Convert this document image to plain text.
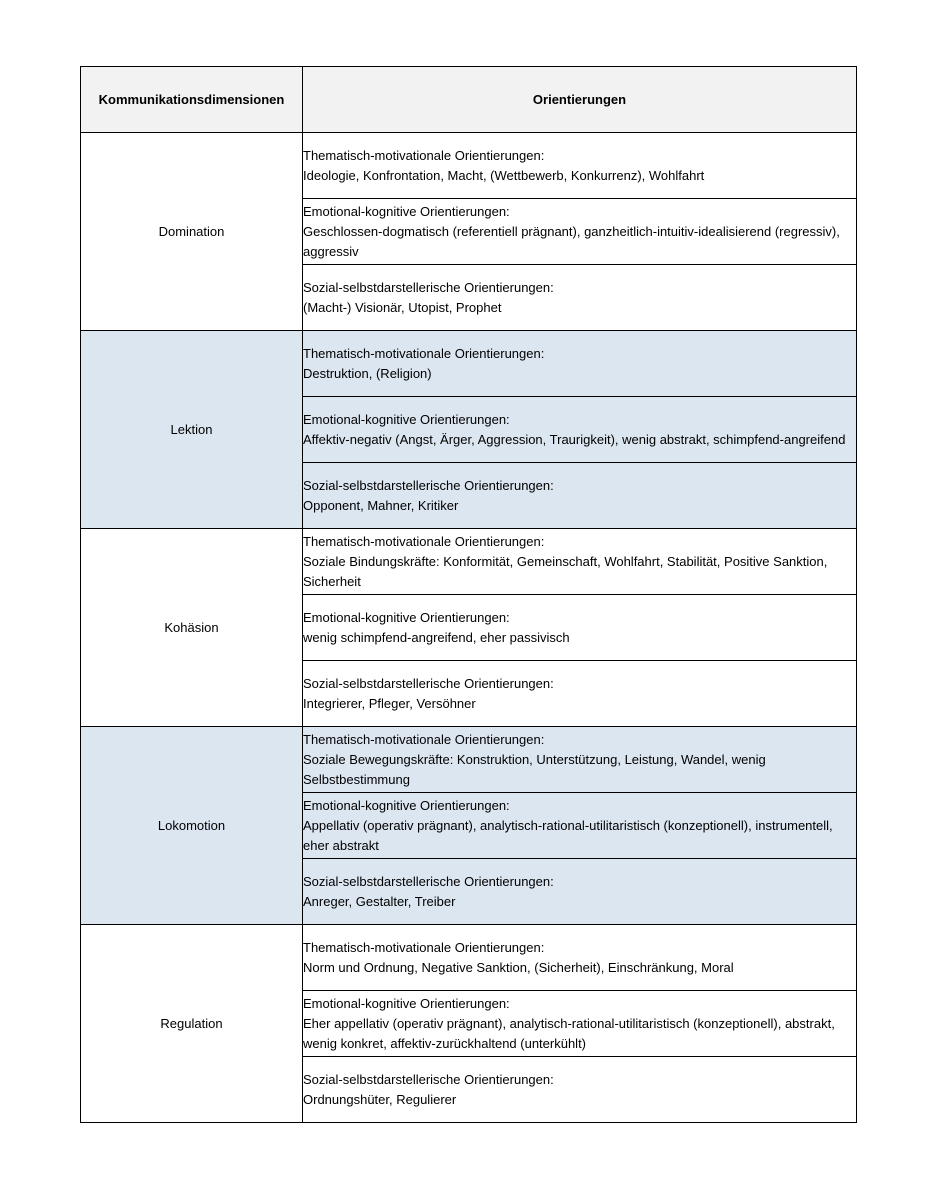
Kommunikationsdimensionen	Orientierungen
Domination	Thematisch-motivationale Orientierungen:
Ideologie, Konfrontation, Macht, (Wettbewerb, Konkurrenz), Wohlfahrt

	Emotional-kognitive Orientierungen:
Geschlossen-dogmatisch (referentiell prägnant), ganzheitlich-intuitiv-idealisierend (regressiv), aggressiv

	Sozial-selbstdarstellerische Orientierungen:
(Macht-) Visionär, Utopist, Prophet

Lektion	Thematisch-motivationale Orientierungen:
Destruktion, (Religion)

	Emotional-kognitive Orientierungen:
Affektiv-negativ (Angst, Ärger, Aggression, Traurigkeit), wenig abstrakt, schimpfend-angreifend

	Sozial-selbstdarstellerische Orientierungen:
Opponent, Mahner, Kritiker

Kohäsion	Thematisch-motivationale Orientierungen:
Soziale Bindungskräfte: Konformität, Gemeinschaft, Wohlfahrt, Stabilität, Positive Sanktion, Sicherheit

	Emotional-kognitive Orientierungen:
wenig schimpfend-angreifend, eher passivisch

	Sozial-selbstdarstellerische Orientierungen:
Integrierer, Pfleger, Versöhner

Lokomotion	Thematisch-motivationale Orientierungen:
Soziale Bewegungskräfte: Konstruktion, Unterstützung, Leistung, Wandel, wenig Selbstbestimmung

	Emotional-kognitive Orientierungen:
Appellativ (operativ prägnant), analytisch-rational-utilitaristisch (konzeptionell), instrumentell, eher abstrakt

	Sozial-selbstdarstellerische Orientierungen:
Anreger, Gestalter, Treiber

Regulation	Thematisch-motivationale Orientierungen:
Norm und Ordnung, Negative Sanktion, (Sicherheit), Einschränkung, Moral

	Emotional-kognitive Orientierungen:
Eher appellativ (operativ prägnant), analytisch-rational-utilitaristisch (konzeptionell), abstrakt, wenig konkret, affektiv-zurückhaltend (unterkühlt)

	Sozial-selbstdarstellerische Orientierungen:
Ordnungshüter, Regulierer
